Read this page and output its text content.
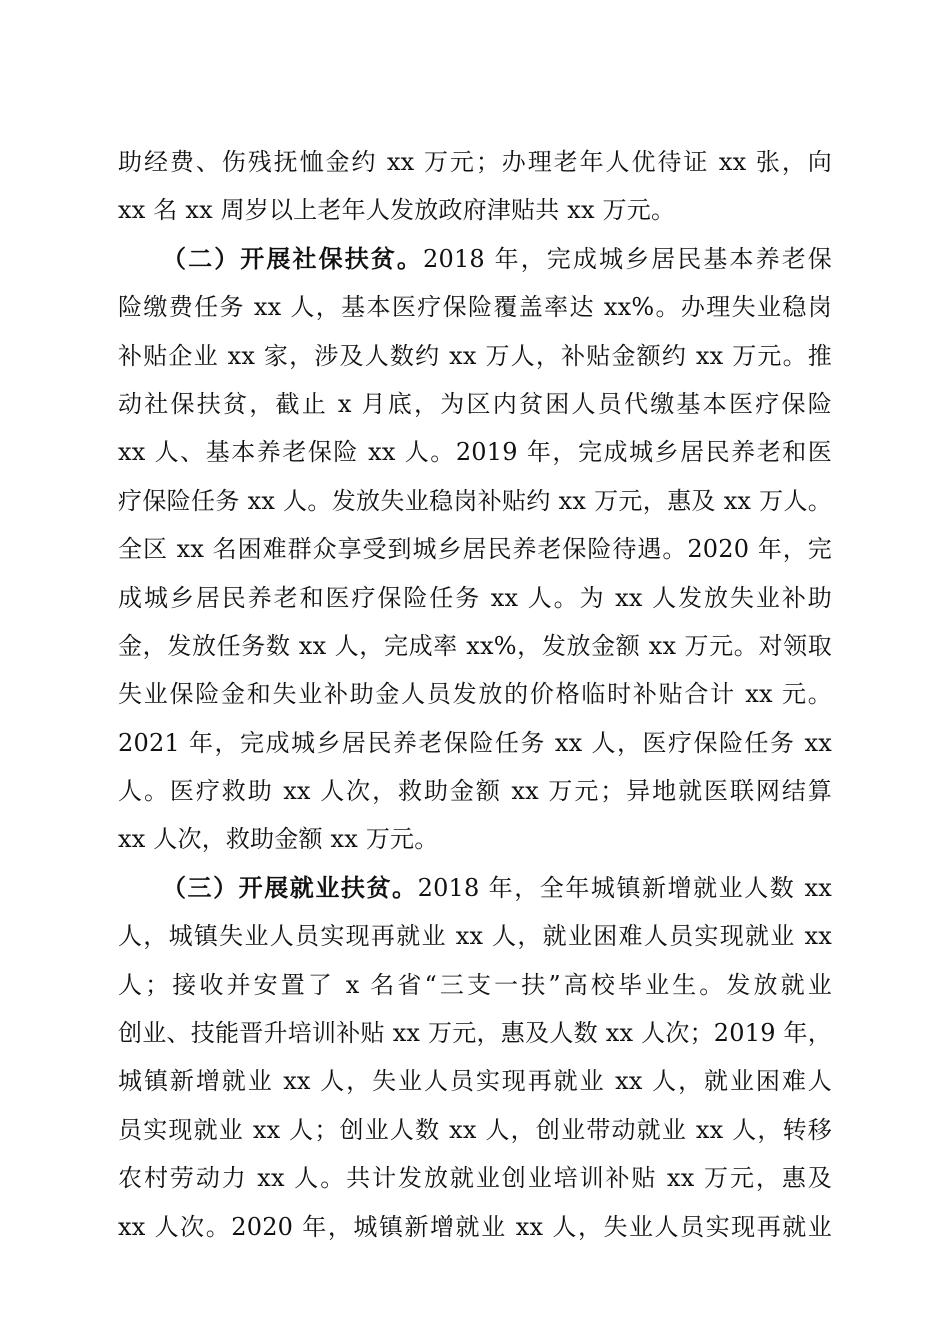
助经费、伤残抚恤金约 xx 万元；办理老年人优待证 xx 张，向
xx 名 xx 周岁以上老年人发放政府津贴共 xx 万元。
（二）开展社保扶贫。2018 年，完成城乡居民基本养老保
险缴费任务 xx 人，基本医疗保险覆盖率达 xx%。办理失业稳岗
补贴企业 xx 家，涉及人数约 xx 万人，补贴金额约 xx 万元。推
动社保扶贫，截止 x 月底，为区内贫困人员代缴基本医疗保险
xx 人、基本养老保险 xx 人。2019 年，完成城乡居民养老和医
疗保险任务 xx 人。发放失业稳岗补贴约 xx 万元，惠及 xx 万人。
全区 xx 名困难群众享受到城乡居民养老保险待遇。2020 年，完
成城乡居民养老和医疗保险任务 xx 人。为 xx 人发放失业补助
金，发放任务数 xx 人，完成率 xx%，发放金额 xx 万元。对领取
失业保险金和失业补助金人员发放的价格临时补贴合计 xx 元。
2021 年，完成城乡居民养老保险任务 xx 人，医疗保险任务 xx
人。医疗救助 xx 人次，救助金额 xx 万元；异地就医联网结算
xx 人次，救助金额 xx 万元。
（三）开展就业扶贫。2018 年，全年城镇新增就业人数 xx
人，城镇失业人员实现再就业 xx 人，就业困难人员实现就业 xx
人；接收并安置了 x 名省“三支一扶”高校毕业生。发放就业
创业、技能晋升培训补贴 xx 万元，惠及人数 xx 人次；2019 年，
城镇新增就业 xx 人，失业人员实现再就业 xx 人，就业困难人
员实现就业 xx 人；创业人数 xx 人，创业带动就业 xx 人，转移
农村劳动力 xx 人。共计发放就业创业培训补贴 xx 万元，惠及
xx 人次。2020 年，城镇新增就业 xx 人，失业人员实现再就业
